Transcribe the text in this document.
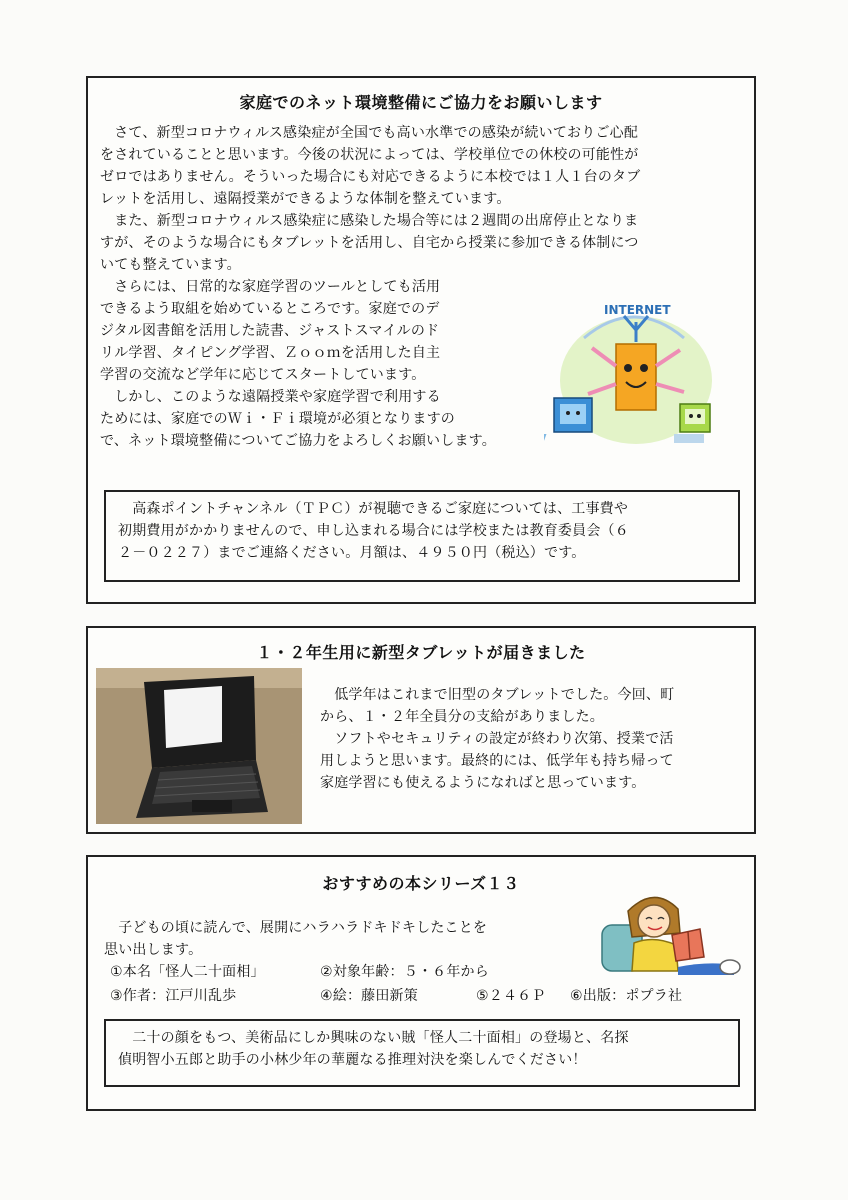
家庭でのネット環境整備にご協力をお願いします
　さて、新型コロナウィルス感染症が全国でも高い水準での感染が続いておりご心配
をされていることと思います。今後の状況によっては、学校単位での休校の可能性が
ゼロではありません。そういった場合にも対応できるように本校では１人１台のタブ
レットを活用し、遠隔授業ができるような体制を整えています。
　また、新型コロナウィルス感染症に感染した場合等には２週間の出席停止となりま
すが、そのような場合にもタブレットを活用し、自宅から授業に参加できる体制につ
いても整えています。
　さらには、日常的な家庭学習のツールとしても活用
できるよう取組を始めているところです。家庭でのデ
ジタル図書館を活用した読書、ジャストスマイルのド
リル学習、タイピング学習、Ｚｏｏｍを活用した自主
学習の交流など学年に応じてスタートしています。
　しかし、このような遠隔授業や家庭学習で利用する
ためには、家庭でのＷｉ・Ｆｉ環境が必須となりますの
で、ネット環境整備についてご協力をよろしくお願いします。
INTERNET
　高森ポイントチャンネル（ＴＰＣ）が視聴できるご家庭については、工事費や
初期費用がかかりませんので、申し込まれる場合には学校または教育委員会（６
２－０２２７）までご連絡ください。月額は、４９５０円（税込）です。
１・２年生用に新型タブレットが届きました
　低学年はこれまで旧型のタブレットでした。今回、町
から、１・２年全員分の支給がありました。
　ソフトやセキュリティの設定が終わり次第、授業で活
用しようと思います。最終的には、低学年も持ち帰って
家庭学習にも使えるようになればと思っています。
おすすめの本シリーズ１３
　子どもの頃に読んで、展開にハラハラドキドキしたことを
思い出します。
①本名「怪人二十面相」	②対象年齢：５・６年から
③作者：江戸川乱歩	④絵：藤田新策	⑤２４６Ｐ ⑥出版：ポプラ社
　二十の顔をもつ、美術品にしか興味のない賊「怪人二十面相」の登場と、名探
偵明智小五郎と助手の小林少年の華麗なる推理対決を楽しんでください！
